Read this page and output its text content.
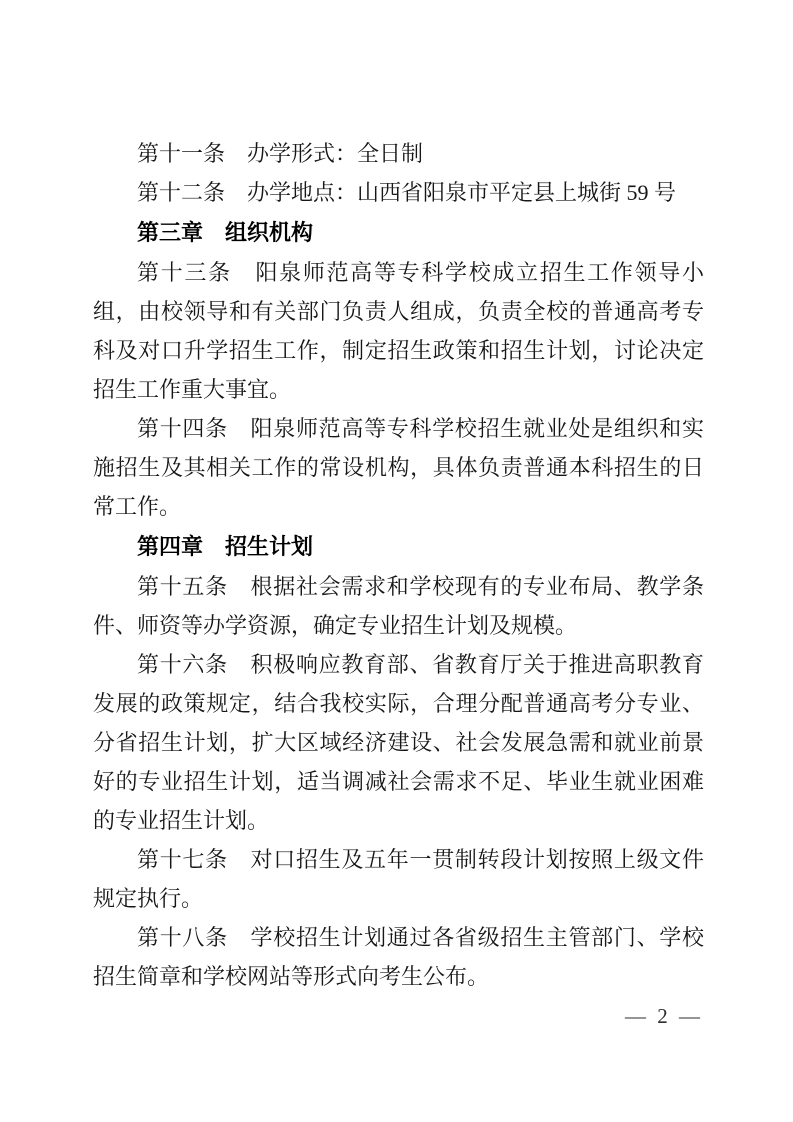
第十一条　办学形式：全日制

第十二条　办学地点：山西省阳泉市平定县上城街 59 号

第三章　组织机构

第十三条　阳泉师范高等专科学校成立招生工作领导小组，由校领导和有关部门负责人组成，负责全校的普通高考专科及对口升学招生工作，制定招生政策和招生计划，讨论决定招生工作重大事宜。

第十四条　阳泉师范高等专科学校招生就业处是组织和实施招生及其相关工作的常设机构，具体负责普通本科招生的日常工作。

第四章　招生计划

第十五条　根据社会需求和学校现有的专业布局、教学条件、师资等办学资源，确定专业招生计划及规模。

第十六条　积极响应教育部、省教育厅关于推进高职教育发展的政策规定，结合我校实际，合理分配普通高考分专业、分省招生计划，扩大区域经济建设、社会发展急需和就业前景好的专业招生计划，适当调减社会需求不足、毕业生就业困难的专业招生计划。

第十七条　对口招生及五年一贯制转段计划按照上级文件规定执行。

第十八条　学校招生计划通过各省级招生主管部门、学校招生简章和学校网站等形式向考生公布。

— 2 —
